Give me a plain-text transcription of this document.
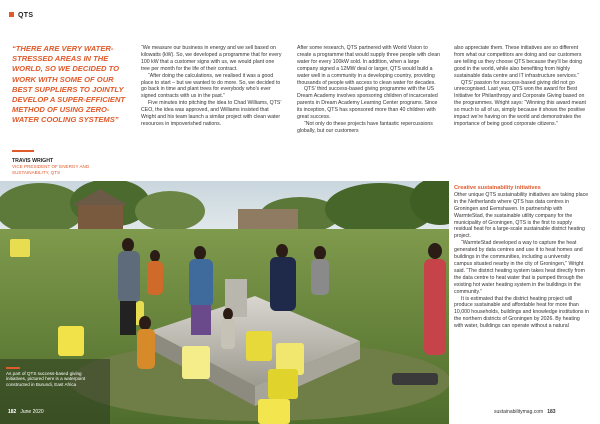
QTS
“THERE ARE VERY WATER-STRESSED AREAS IN THE WORLD, SO WE DECIDED TO WORK WITH SOME OF OUR BEST SUPPLIERS TO JOINTLY DEVELOP A SUPER-EFFICIENT METHOD OF USING ZERO-WATER COOLING SYSTEMS”
TRAVIS WRIGHT
VICE PRESIDENT OF ENERGY AND SUSTAINABILITY, QTS

“We measure our business in energy and we sell based on kilowatts (kW). So, we developed a programme that for every 100 kW that a customer signs with us, we would plant one tree per month for the life of their contract.

“After doing the calculations, we realised it was a good place to start – but we wanted to do more. So, we decided to go back in time and plant trees for everybody who’s ever signed contracts with us in the past.”

Five minutes into pitching the idea to Chad Williams, QTS’ CEO, the idea was approved, and Williams insisted that Wright and his team launch a similar project with clean water resources in impoverished nations.

After some research, QTS partnered with World Vision to create a programme that would supply three people with clean water for every 100kW sold. In addition, when a large company signed a 12MW deal or larger, QTS would build a water well in a community in a developing country, providing thousands of people with access to clean water for decades.

QTS’ third success-based giving programme with the US Dream Academy involves sponsoring children of incarcerated parents in Dream Academy Learning Center programs. Since its inception, QTS has sponsored more than 40 children with great success.

“Not only do these projects have fantastic repercussions globally, but our customers

also appreciate them. These initiatives are so different from what our competitors are doing and our customers are telling us they choose QTS because they’ll be doing good in the world, while also benefiting from highly sustainable data centre and IT infrastructure services.”

QTS’ passion for success-based giving did not go unrecognised. Last year, QTS won the award for Best Initiative for Philanthropy and Corporate Giving based on the programmes. Wright says: “Winning this award meant so much to all of us, simply because it shows the positive impact we’re having on the world and demonstrates the importance of being good corporate citizens.”

Creative sustainability initiatives

Other unique QTS sustainability initiatives are taking place in the Netherlands where QTS has data centres in Groningen and Eemshaven. In partnership with WarmteStad, the sustainable utility company for the municipality of Groningen, QTS is the first to supply residual heat for a large-scale sustainable district heating project.

“WarmteStad developed a way to capture the heat generated by data centres and use it to heat homes and buildings in the communities, including a university campus situated nearby in the city of Groningen,” Wright said. “The district heating system takes heat directly from the data centre to heat water that is pumped through the existing hot water heating system in the buildings in the community.”

It is estimated that the district heating project will produce sustainable and affordable heat for more than 10,000 households, buildings and knowledge institutions in the northern districts of Groningen by 2026. By heating with water, buildings can operate without a natural

As part of QTS success-based giving initiatives, pictured here is a waterpoint constructed in Burundi, East Africa
182 June 2020	sustainabilitymag.com 183
